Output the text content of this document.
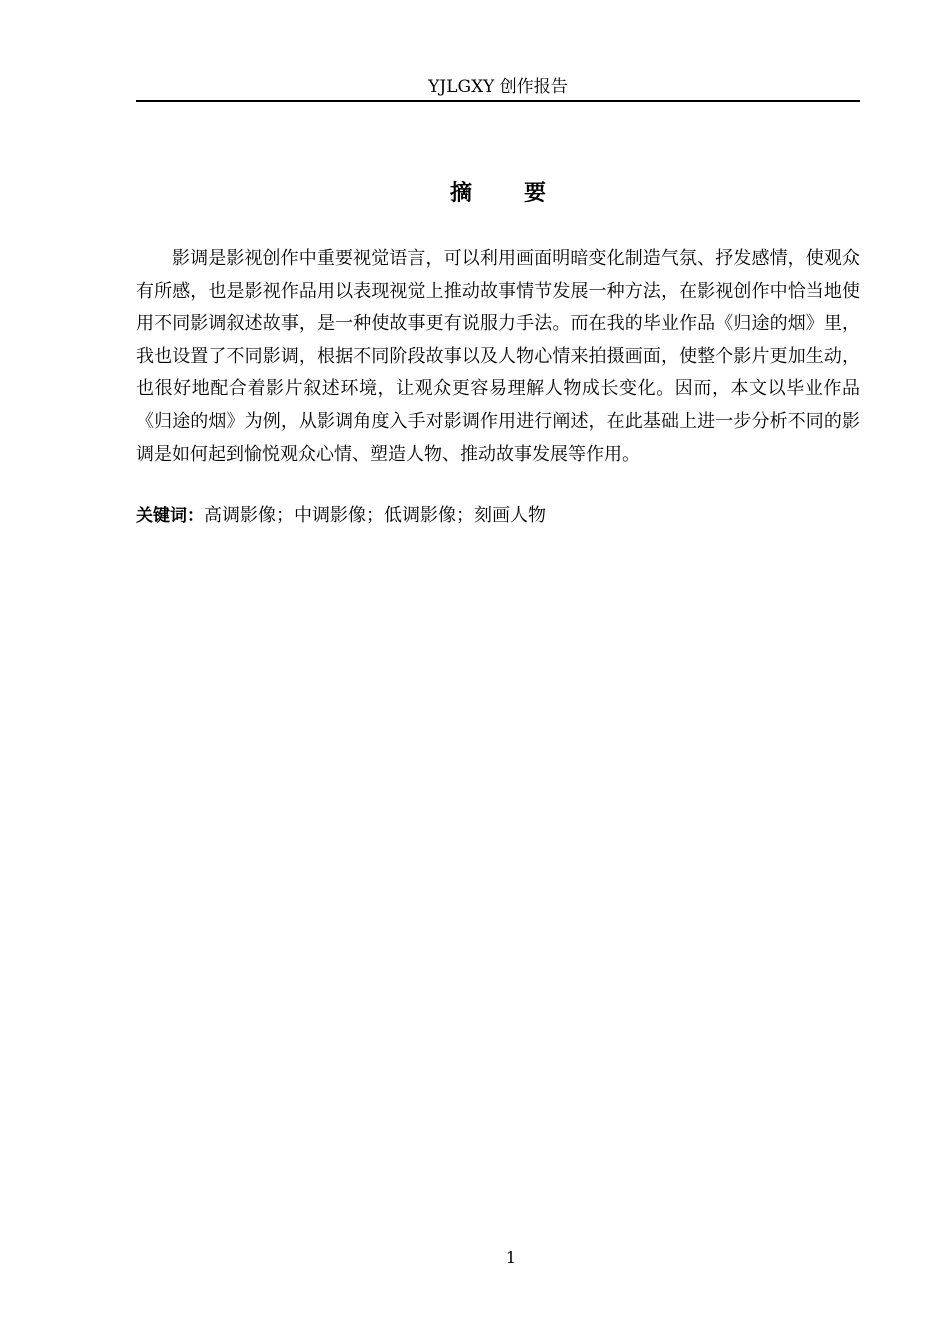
YJLGXY 创作报告
摘 要

影调是影视创作中重要视觉语言，可以利用画面明暗变化制造气氛、抒发感情，使观众有所感，也是影视作品用以表现视觉上推动故事情节发展一种方法，在影视创作中恰当地使用不同影调叙述故事，是一种使故事更有说服力手法。而在我的毕业作品《归途的烟》里，我也设置了不同影调，根据不同阶段故事以及人物心情来拍摄画面，使整个影片更加生动，也很好地配合着影片叙述环境，让观众更容易理解人物成长变化。因而，本文以毕业作品《归途的烟》为例，从影调角度入手对影调作用进行阐述，在此基础上进一步分析不同的影调是如何起到愉悦观众心情、塑造人物、推动故事发展等作用。

关键词：高调影像；中调影像；低调影像；刻画人物

1
